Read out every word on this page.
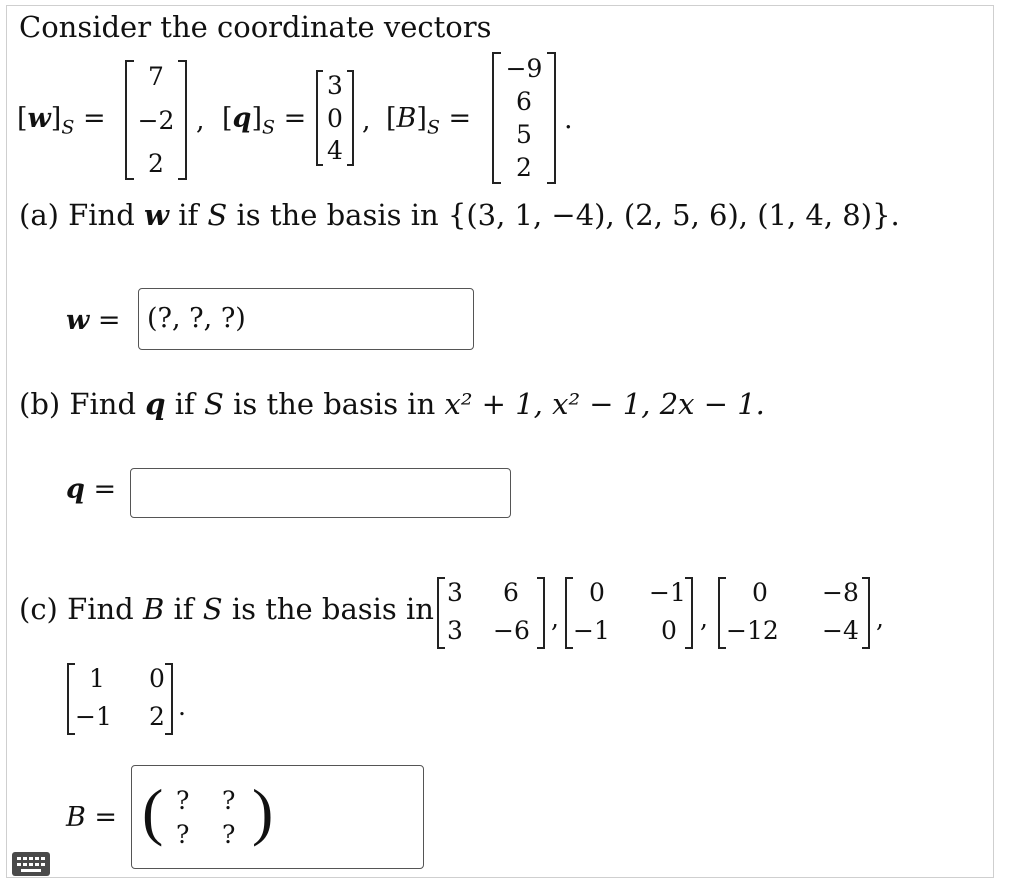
Consider the coordinate vectors
$[w]_S$ =
7
−2
2
, $[q]_S$ =
3
0
4
, $[B]_S$ =
−9
6
5
2
.
(a) Find w if S is the basis in {(3, 1, −4), (2, 5, 6), (1, 4, 8)}.
w = (?, ?, ?)
(b) Find q if S is the basis in x² + 1, x² − 1, 2x − 1.
q =
(c) Find B if S is the basis in 3 6
3 −6 ,
0 −1
−1 0 ,
0 −8
−12 −4 ,
1 0
−1 2 .
B = ( ? ?
? ? )
